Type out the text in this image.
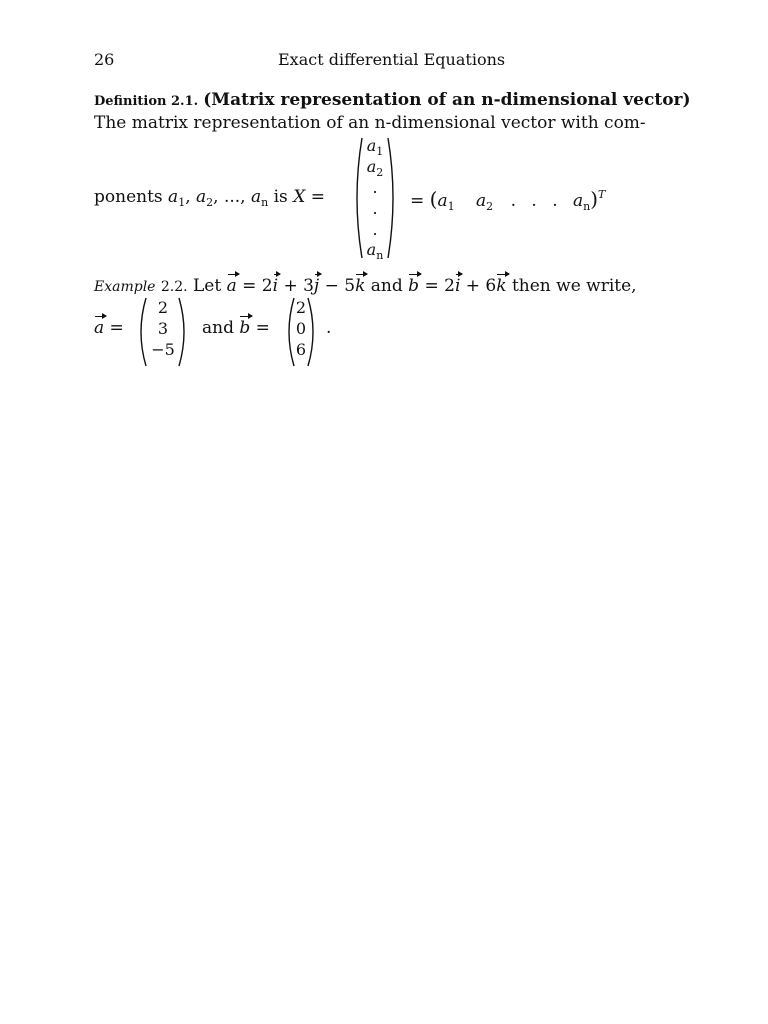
26	Exact differential Equations
Definition 2.1. (Matrix representation of an n-dimensional vector)
The matrix representation of an n-dimensional vector with com-
ponents $a_1$, $a_2$, ..., $a_n$ is X =
$a_1$
$a_2$
.
.
.
$a_n$
= ($a_1$ $a_2$ . . . $a_n)^T$
Example 2.2. Let a = 2i + 3j − 5k and b = 2i + 6k then we write,
a =
2
3
−5
and b =
2
0
6
.
